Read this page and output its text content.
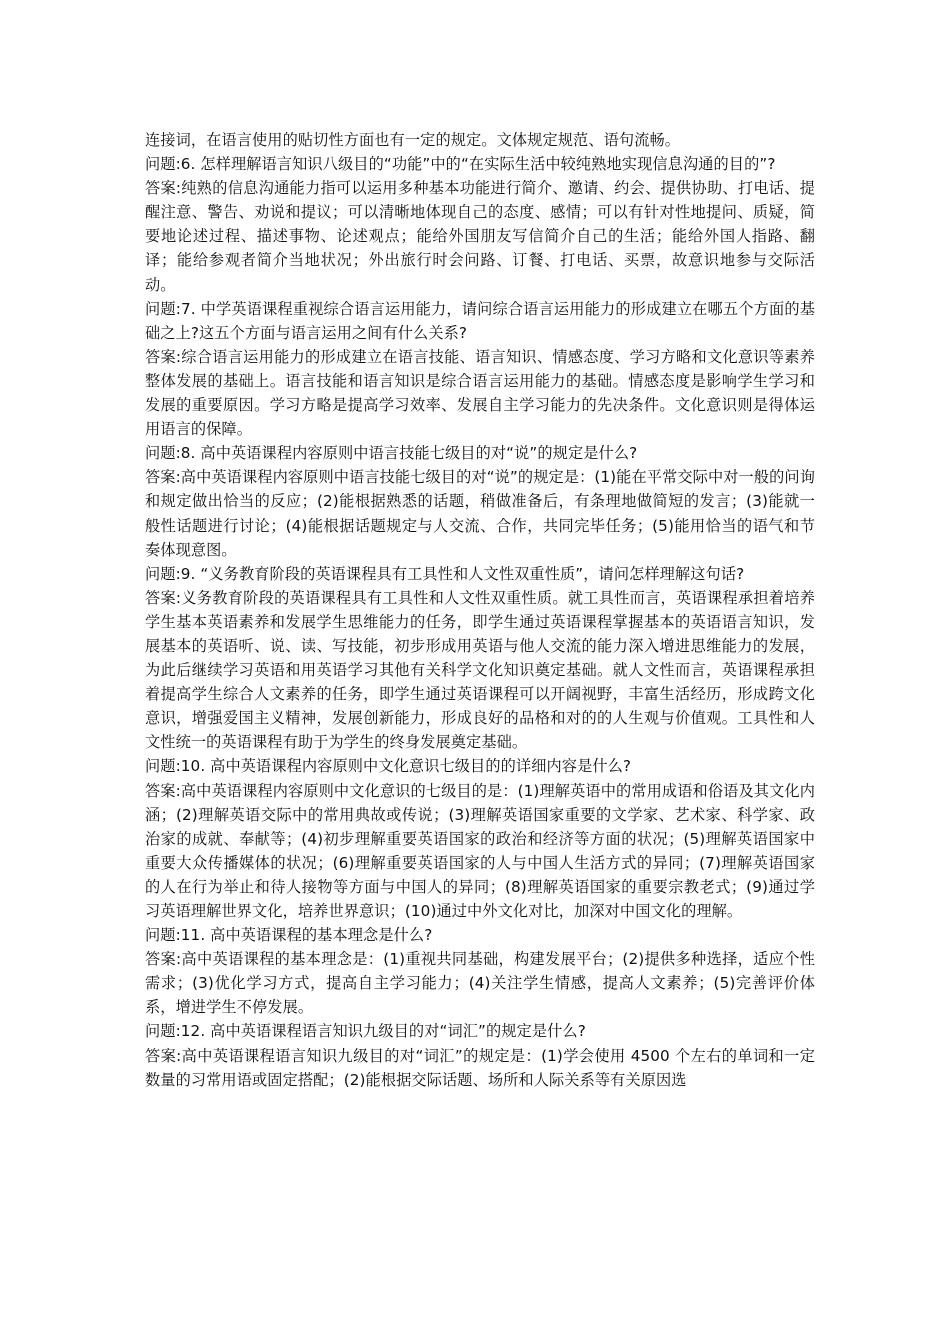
连接词，在语言使用的贴切性方面也有一定的规定。文体规定规范、语句流畅。

问题:6. 怎样理解语言知识八级目的“功能”中的“在实际生活中较纯熟地实现信息沟通的目的”?

答案:纯熟的信息沟通能力指可以运用多种基本功能进行简介、邀请、约会、提供协助、打电话、提醒注意、警告、劝说和提议；可以清晰地体现自己的态度、感情；可以有针对性地提问、质疑，简要地论述过程、描述事物、论述观点；能给外国朋友写信简介自己的生活；能给外国人指路、翻译；能给参观者简介当地状况；外出旅行时会问路、订餐、打电话、买票，故意识地参与交际活动。

问题:7. 中学英语课程重视综合语言运用能力，请问综合语言运用能力的形成建立在哪五个方面的基础之上?这五个方面与语言运用之间有什么关系?

答案:综合语言运用能力的形成建立在语言技能、语言知识、情感态度、学习方略和文化意识等素养整体发展的基础上。语言技能和语言知识是综合语言运用能力的基础。情感态度是影响学生学习和发展的重要原因。学习方略是提高学习效率、发展自主学习能力的先决条件。文化意识则是得体运用语言的保障。

问题:8. 高中英语课程内容原则中语言技能七级目的对“说”的规定是什么?

答案:高中英语课程内容原则中语言技能七级目的对“说”的规定是：(1)能在平常交际中对一般的问询和规定做出恰当的反应；(2)能根据熟悉的话题，稍做准备后，有条理地做简短的发言；(3)能就一般性话题进行讨论；(4)能根据话题规定与人交流、合作，共同完毕任务；(5)能用恰当的语气和节奏体现意图。

问题:9. “义务教育阶段的英语课程具有工具性和人文性双重性质”，请问怎样理解这句话?

答案:义务教育阶段的英语课程具有工具性和人文性双重性质。就工具性而言，英语课程承担着培养学生基本英语素养和发展学生思维能力的任务，即学生通过英语课程掌握基本的英语语言知识，发展基本的英语听、说、读、写技能，初步形成用英语与他人交流的能力深入增进思维能力的发展，为此后继续学习英语和用英语学习其他有关科学文化知识奠定基础。就人文性而言，英语课程承担着提高学生综合人文素养的任务，即学生通过英语课程可以开阔视野，丰富生活经历，形成跨文化意识，增强爱国主义精神，发展创新能力，形成良好的品格和对的的人生观与价值观。工具性和人文性统一的英语课程有助于为学生的终身发展奠定基础。

问题:10. 高中英语课程内容原则中文化意识七级目的的详细内容是什么?

答案:高中英语课程内容原则中文化意识的七级目的是：(1)理解英语中的常用成语和俗语及其文化内涵；(2)理解英语交际中的常用典故或传说；(3)理解英语国家重要的文学家、艺术家、科学家、政治家的成就、奉献等；(4)初步理解重要英语国家的政治和经济等方面的状况；(5)理解英语国家中重要大众传播媒体的状况；(6)理解重要英语国家的人与中国人生活方式的异同；(7)理解英语国家的人在行为举止和待人接物等方面与中国人的异同；(8)理解英语国家的重要宗教老式；(9)通过学习英语理解世界文化，培养世界意识；(10)通过中外文化对比，加深对中国文化的理解。

问题:11. 高中英语课程的基本理念是什么?

答案:高中英语课程的基本理念是：(1)重视共同基础，构建发展平台；(2)提供多种选择，适应个性需求；(3)优化学习方式，提高自主学习能力；(4)关注学生情感，提高人文素养；(5)完善评价体系，增进学生不停发展。

问题:12. 高中英语课程语言知识九级目的对“词汇”的规定是什么?

答案:高中英语课程语言知识九级目的对“词汇”的规定是：(1)学会使用 4500 个左右的单词和一定数量的习常用语或固定搭配；(2)能根据交际话题、场所和人际关系等有关原因选
